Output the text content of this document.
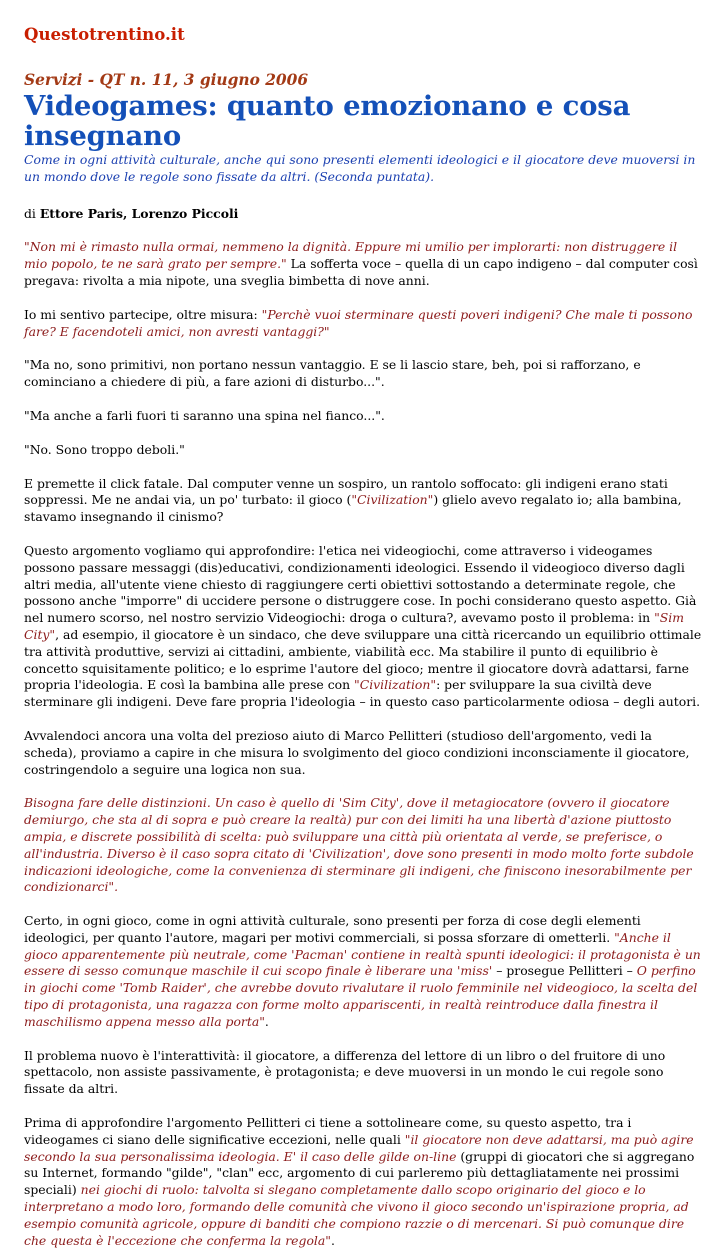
Questotrentino.it
Servizi - QT n. 11, 3 giugno 2006
Videogames: quanto emozionano e cosa insegnano
Come in ogni attività culturale, anche qui sono presenti elementi ideologici e il giocatore deve muoversi in un mondo dove le regole sono fissate da altri. (Seconda puntata).
di Ettore Paris, Lorenzo Piccoli

"Non mi è rimasto nulla ormai, nemmeno la dignità. Eppure mi umilio per implorarti: non distruggere il mio popolo, te ne sarà grato per sempre." La sofferta voce – quella di un capo indigeno – dal computer così pregava: rivolta a mia nipote, una sveglia bimbetta di nove anni.

Io mi sentivo partecipe, oltre misura: "Perchè vuoi sterminare questi poveri indigeni? Che male ti possono fare? E facendoteli amici, non avresti vantaggi?"

"Ma no, sono primitivi, non portano nessun vantaggio. E se li lascio stare, beh, poi si rafforzano, e cominciano a chiedere di più, a fare azioni di disturbo...".

"Ma anche a farli fuori ti saranno una spina nel fianco...".

"No. Sono troppo deboli."

E premette il click fatale. Dal computer venne un sospiro, un rantolo soffocato: gli indigeni erano stati soppressi. Me ne andai via, un po' turbato: il gioco ("Civilization") glielo avevo regalato io; alla bambina, stavamo insegnando il cinismo?

Questo argomento vogliamo qui approfondire: l'etica nei videogiochi, come attraverso i videogames possono passare messaggi (dis)educativi, condizionamenti ideologici. Essendo il videogioco diverso dagli altri media, all'utente viene chiesto di raggiungere certi obiettivi sottostando a determinate regole, che possono anche "imporre" di uccidere persone o distruggere cose. In pochi considerano questo aspetto. Già nel numero scorso, nel nostro servizio Videogiochi: droga o cultura?, avevamo posto il problema: in "Sim City", ad esempio, il giocatore è un sindaco, che deve sviluppare una città ricercando un equilibrio ottimale tra attività produttive, servizi ai cittadini, ambiente, viabilità ecc. Ma stabilire il punto di equilibrio è concetto squisitamente politico; e lo esprime l'autore del gioco; mentre il giocatore dovrà adattarsi, farne propria l'ideologia. E così la bambina alle prese con "Civilization": per sviluppare la sua civiltà deve sterminare gli indigeni. Deve fare propria l'ideologia – in questo caso particolarmente odiosa – degli autori.

Avvalendoci ancora una volta del prezioso aiuto di Marco Pellitteri (studioso dell'argomento, vedi la scheda), proviamo a capire in che misura lo svolgimento del gioco condizioni inconsciamente il giocatore, costringendolo a seguire una logica non sua.

Bisogna fare delle distinzioni. Un caso è quello di 'Sim City', dove il metagiocatore (ovvero il giocatore demiurgo, che sta al di sopra e può creare la realtà) pur con dei limiti ha una libertà d'azione piuttosto ampia, e discrete possibilità di scelta: può sviluppare una città più orientata al verde, se preferisce, o all'industria. Diverso è il caso sopra citato di 'Civilization', dove sono presenti in modo molto forte subdole indicazioni ideologiche, come la convenienza di sterminare gli indigeni, che finiscono inesorabilmente per condizionarci".

Certo, in ogni gioco, come in ogni attività culturale, sono presenti per forza di cose degli elementi ideologici, per quanto l'autore, magari per motivi commerciali, si possa sforzare di ometterli. "Anche il gioco apparentemente più neutrale, come 'Pacman' contiene in realtà spunti ideologici: il protagonista è un essere di sesso comunque maschile il cui scopo finale è liberare una 'miss' – prosegue Pellitteri – O perfino in giochi come 'Tomb Raider', che avrebbe dovuto rivalutare il ruolo femminile nel videogioco, la scelta del tipo di protagonista, una ragazza con forme molto appariscenti, in realtà reintroduce dalla finestra il maschilismo appena messo alla porta".

Il problema nuovo è l'interattività: il giocatore, a differenza del lettore di un libro o del fruitore di uno spettacolo, non assiste passivamente, è protagonista; e deve muoversi in un mondo le cui regole sono fissate da altri.

Prima di approfondire l'argomento Pellitteri ci tiene a sottolineare come, su questo aspetto, tra i videogames ci siano delle significative eccezioni, nelle quali "il giocatore non deve adattarsi, ma può agire secondo la sua personalissima ideologia. E' il caso delle gilde on-line (gruppi di giocatori che si aggregano su Internet, formando "gilde", "clan" ecc, argomento di cui parleremo più dettagliatamente nei prossimi speciali) nei giochi di ruolo: talvolta si slegano completamente dallo scopo originario del gioco e lo interpretano a modo loro, formando delle comunità che vivono il gioco secondo un'ispirazione propria, ad esempio comunità agricole, oppure di banditi che compiono razzie o di mercenari. Si può comunque dire che questa è l'eccezione che conferma la regola".
